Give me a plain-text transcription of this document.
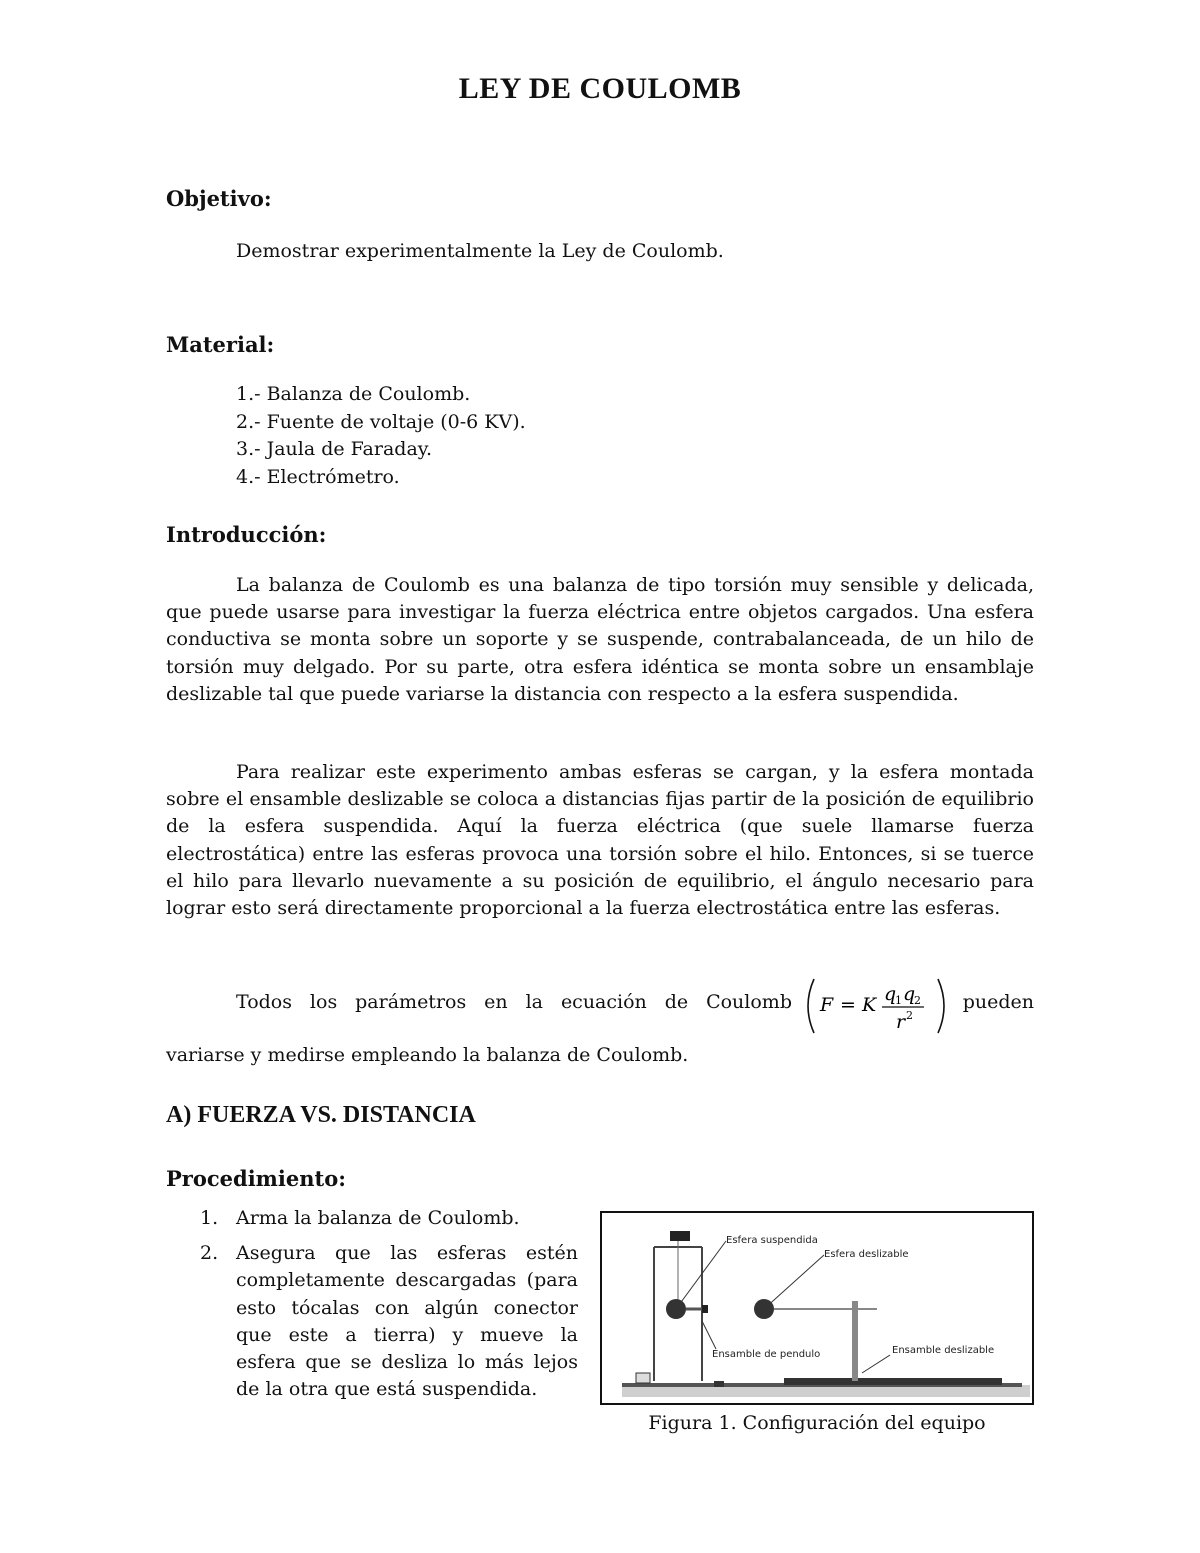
LEY DE COULOMB
Objetivo:
Demostrar experimentalmente la Ley de Coulomb.
Material:
1.- Balanza de Coulomb.
2.- Fuente de voltaje (0-6 KV).
3.- Jaula de Faraday.
4.- Electrómetro.
Introducción:

La balanza de Coulomb es una balanza de tipo torsión muy sensible y delicada, que puede usarse para investigar la fuerza eléctrica entre objetos cargados. Una esfera conductiva se monta sobre un soporte y se suspende, contrabalanceada, de un hilo de torsión muy delgado. Por su parte, otra esfera idéntica se monta sobre un ensamblaje deslizable tal que puede variarse la distancia con respecto a la esfera suspendida.

Para realizar este experimento ambas esferas se cargan, y la esfera montada sobre el ensamble deslizable se coloca a distancias fijas partir de la posición de equilibrio de la esfera suspendida. Aquí la fuerza eléctrica (que suele llamarse fuerza electrostática) entre las esferas provoca una torsión sobre el hilo. Entonces, si se tuerce el hilo para llevarlo nuevamente a su posición de equilibrio, el ángulo necesario para lograr esto será directamente proporcional a la fuerza electrostática entre las esferas.

Todos los parámetros en la ecuación de Coulomb F = K q
1 q
2
r 2
pueden
variarse y medirse empleando la balanza de Coulomb.
A) FUERZA VS. DISTANCIA
Procedimiento:
1. Arma la balanza de Coulomb.
2. Asegura que las esferas estén completamente descargadas (para esto tócalas con algún conector que este a tierra) y mueve la esfera que se desliza lo más lejos de la otra que está suspendida.
Esfera suspendida
Esfera deslizable
Ensamble de pendulo	Ensamble deslizable
Figura 1. Configuración del equipo
